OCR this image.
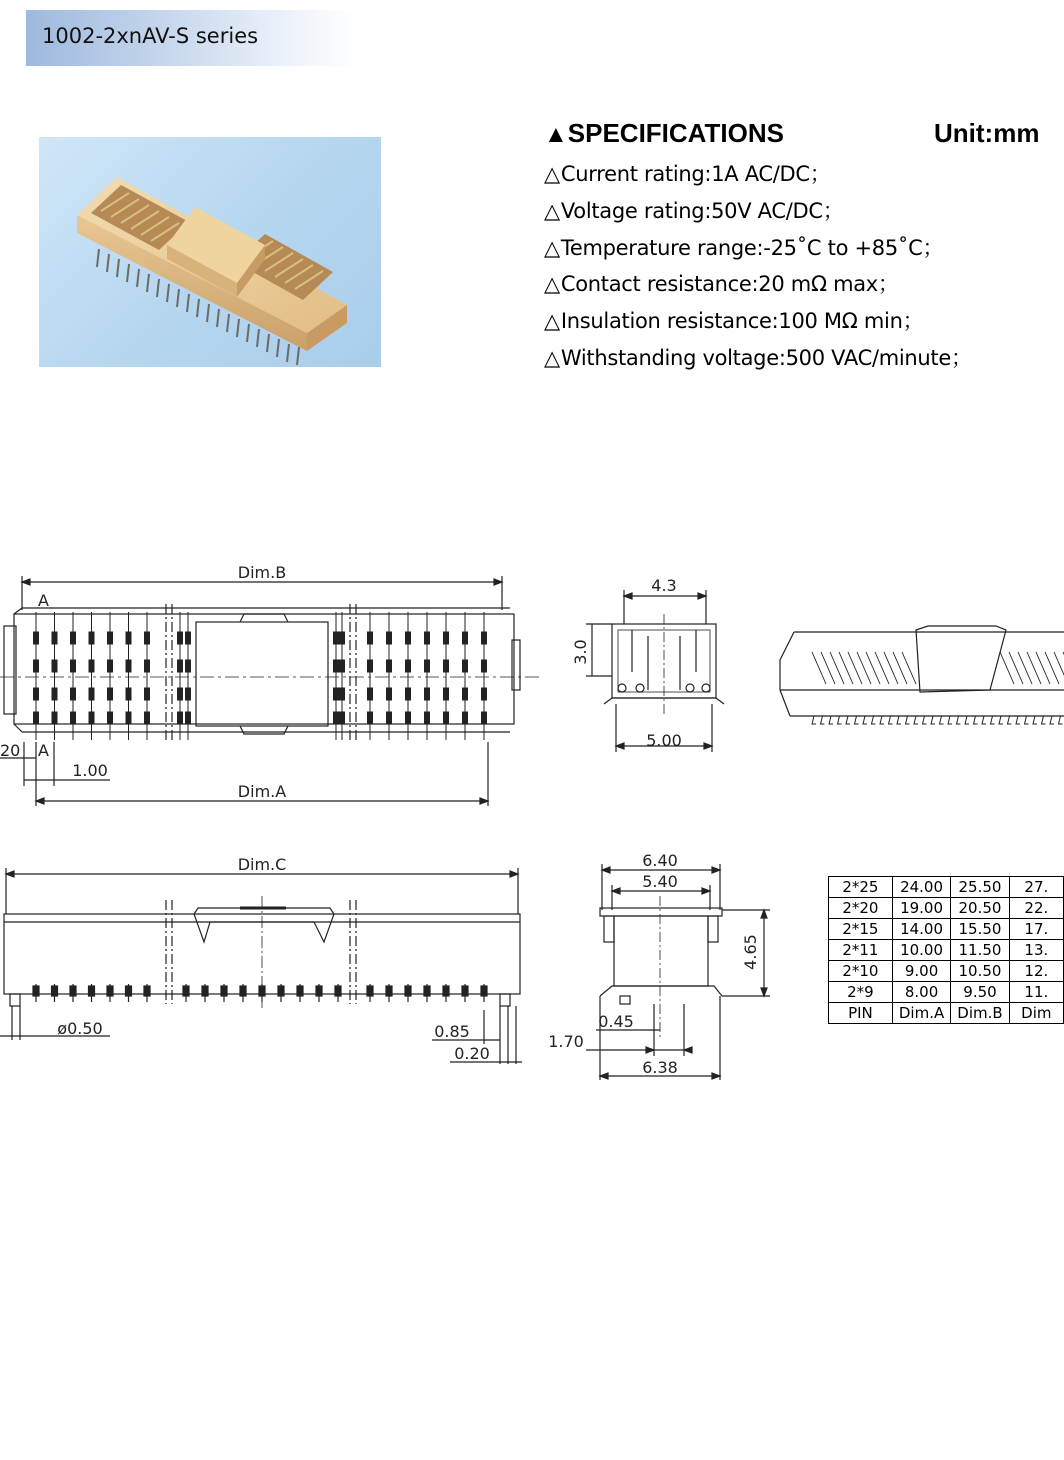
1002-2xnAV-S series
▲SPECIFICATIONS	Unit:mm
△Current rating:1A AC/DC；
△Voltage rating:50V AC/DC；
△Temperature range:-25˚C to +85˚C；
△Contact resistance:20 mΩ max；
△Insulation resistance:100 MΩ min；
△Withstanding voltage:500 VAC/minute；
Dim.B
Dim.A
A
A
1.00
20
4.3
3.0
5.00
Dim.C
ø0.50	0.85
0.20
6.40
5.40
4.65
0.45
1.70
6.38
2*25	24.00	25.50	27.
2*20	19.00	20.50	22.
2*15	14.00	15.50	17.
2*11	10.00	11.50	13.
2*10	9.00	10.50	12.
2*9	8.00	9.50	11.
PIN	Dim.A	Dim.B	Dim
